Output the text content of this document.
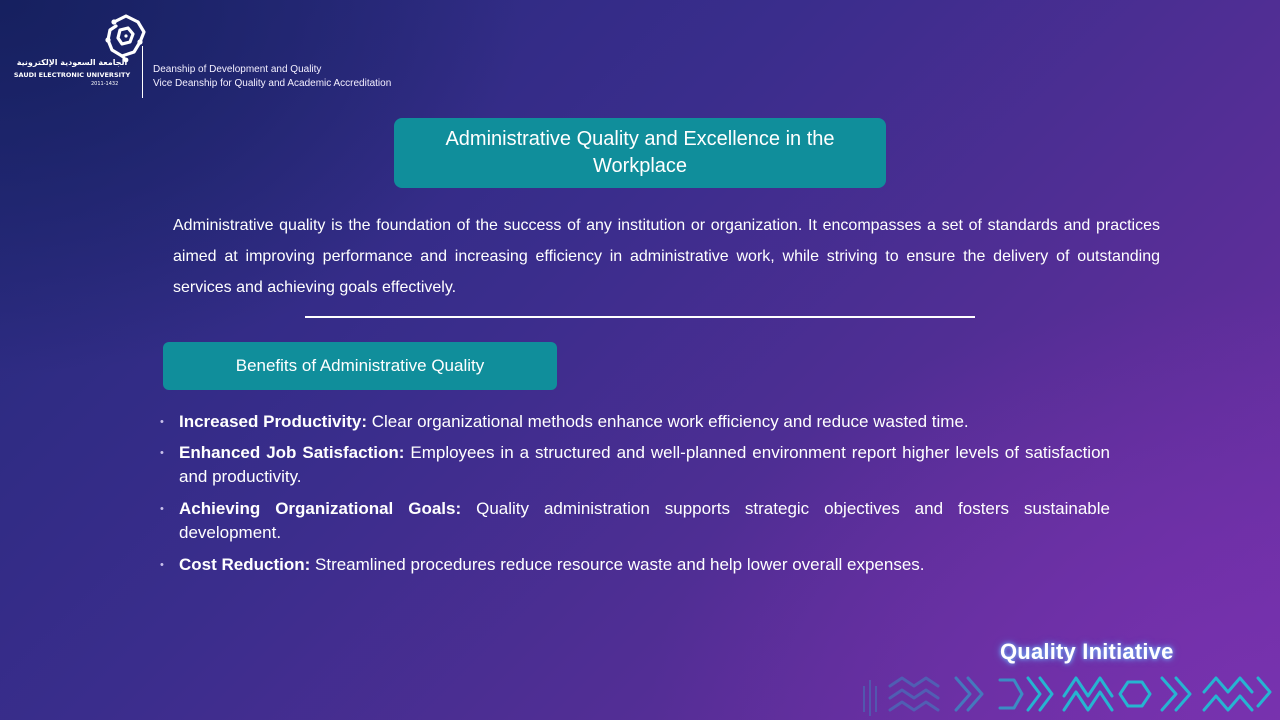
الجامعة السعودية الإلكترونية
SAUDI ELECTRONIC UNIVERSITY
2011-1432
Deanship of Development and Quality
Vice Deanship for Quality and Academic Accreditation
Administrative Quality and Excellence in the Workplace

Administrative quality is the foundation of the success of any institution or organization. It encompasses a set of standards and practices aimed at improving performance and increasing efficiency in administrative work, while striving to ensure the delivery of outstanding services and achieving goals effectively.

Benefits of Administrative Quality
• Increased Productivity: Clear organizational methods enhance work efficiency and reduce wasted time.
• Enhanced Job Satisfaction: Employees in a structured and well-planned environment report higher levels of satisfaction and productivity.
• Achieving Organizational Goals: Quality administration supports strategic objectives and fosters sustainable development.
• Cost Reduction: Streamlined procedures reduce resource waste and help lower overall expenses.
Quality Initiative
